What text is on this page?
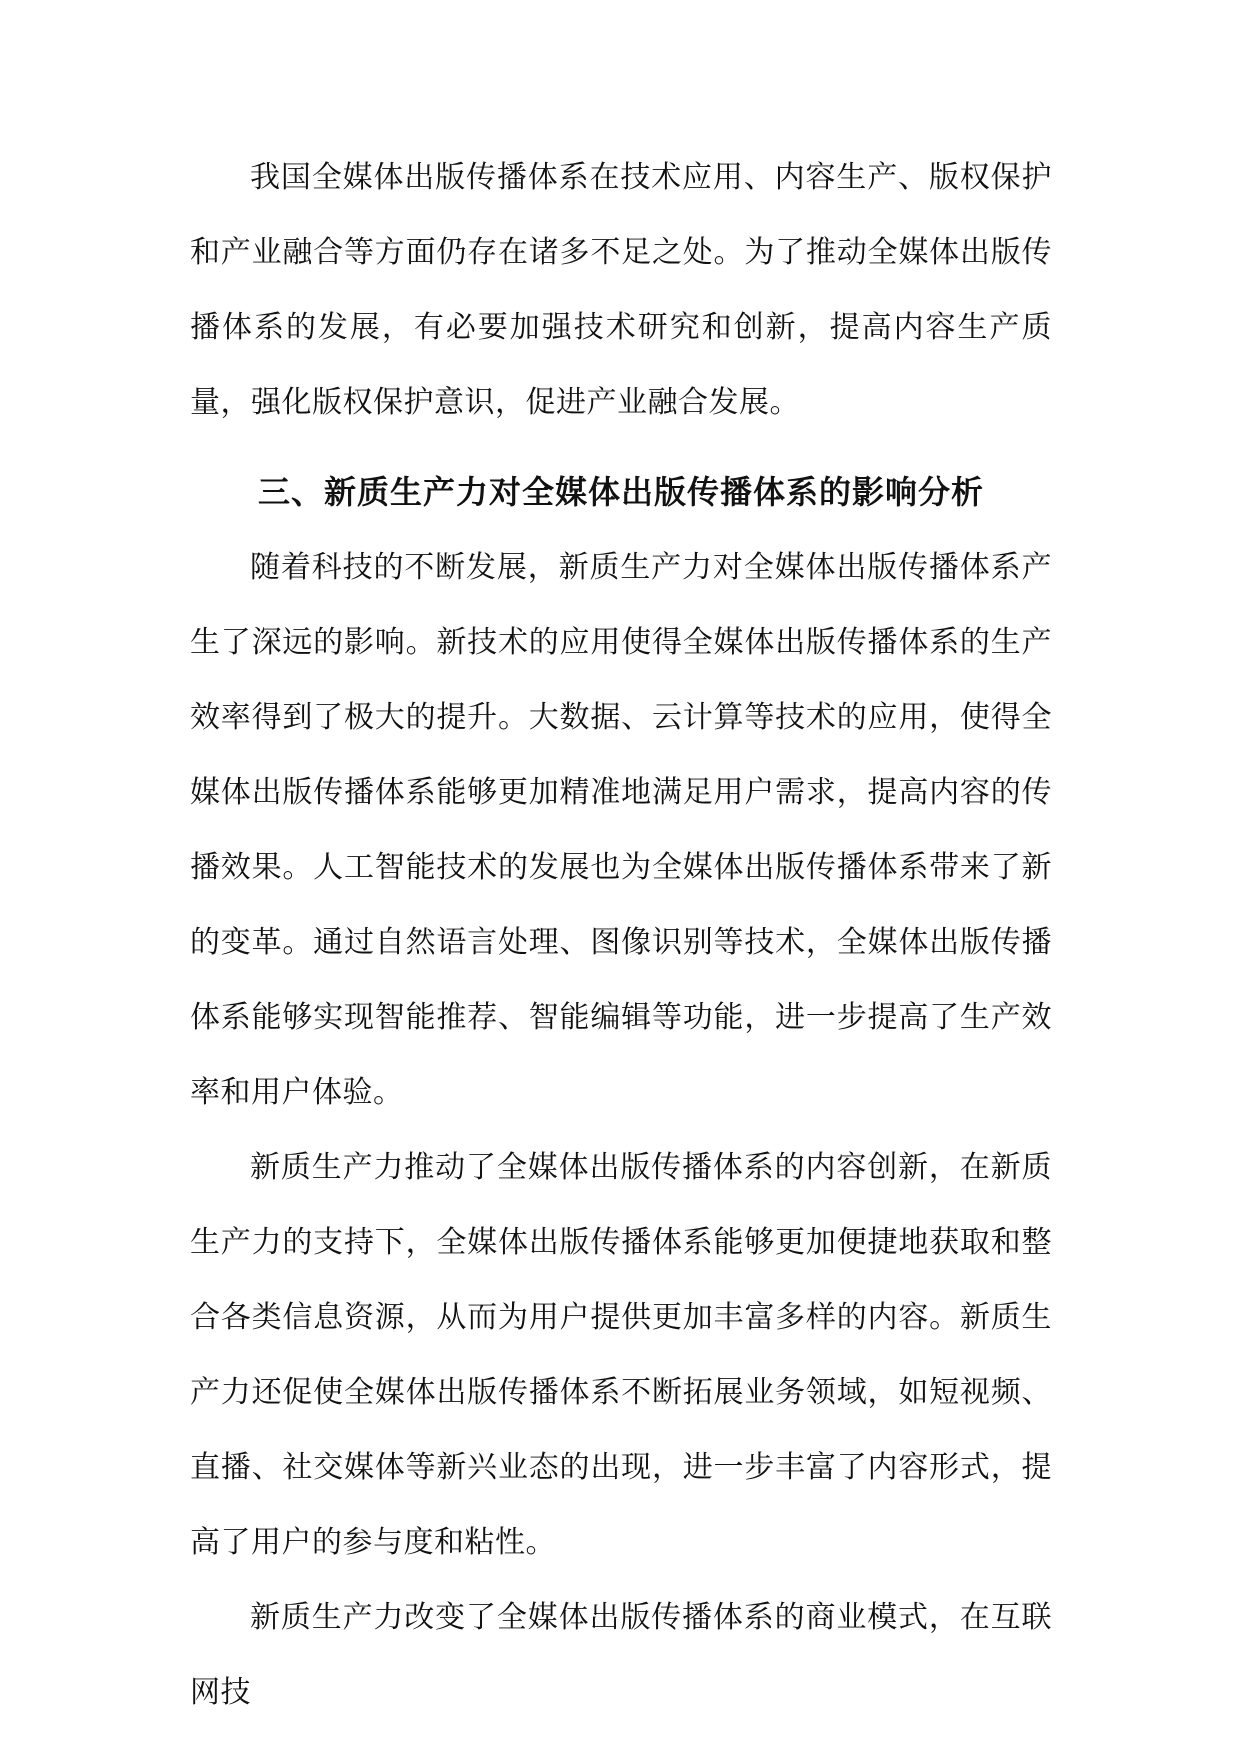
我国全媒体出版传播体系在技术应用、内容生产、版权保护和产业融合等方面仍存在诸多不足之处。为了推动全媒体出版传播体系的发展，有必要加强技术研究和创新，提高内容生产质量，强化版权保护意识，促进产业融合发展。

三、新质生产力对全媒体出版传播体系的影响分析

随着科技的不断发展，新质生产力对全媒体出版传播体系产生了深远的影响。新技术的应用使得全媒体出版传播体系的生产效率得到了极大的提升。大数据、云计算等技术的应用，使得全媒体出版传播体系能够更加精准地满足用户需求，提高内容的传播效果。人工智能技术的发展也为全媒体出版传播体系带来了新的变革。通过自然语言处理、图像识别等技术，全媒体出版传播体系能够实现智能推荐、智能编辑等功能，进一步提高了生产效率和用户体验。

新质生产力推动了全媒体出版传播体系的内容创新，在新质生产力的支持下，全媒体出版传播体系能够更加便捷地获取和整合各类信息资源，从而为用户提供更加丰富多样的内容。新质生产力还促使全媒体出版传播体系不断拓展业务领域，如短视频、直播、社交媒体等新兴业态的出现，进一步丰富了内容形式，提高了用户的参与度和粘性。

新质生产力改变了全媒体出版传播体系的商业模式，在互联网技
